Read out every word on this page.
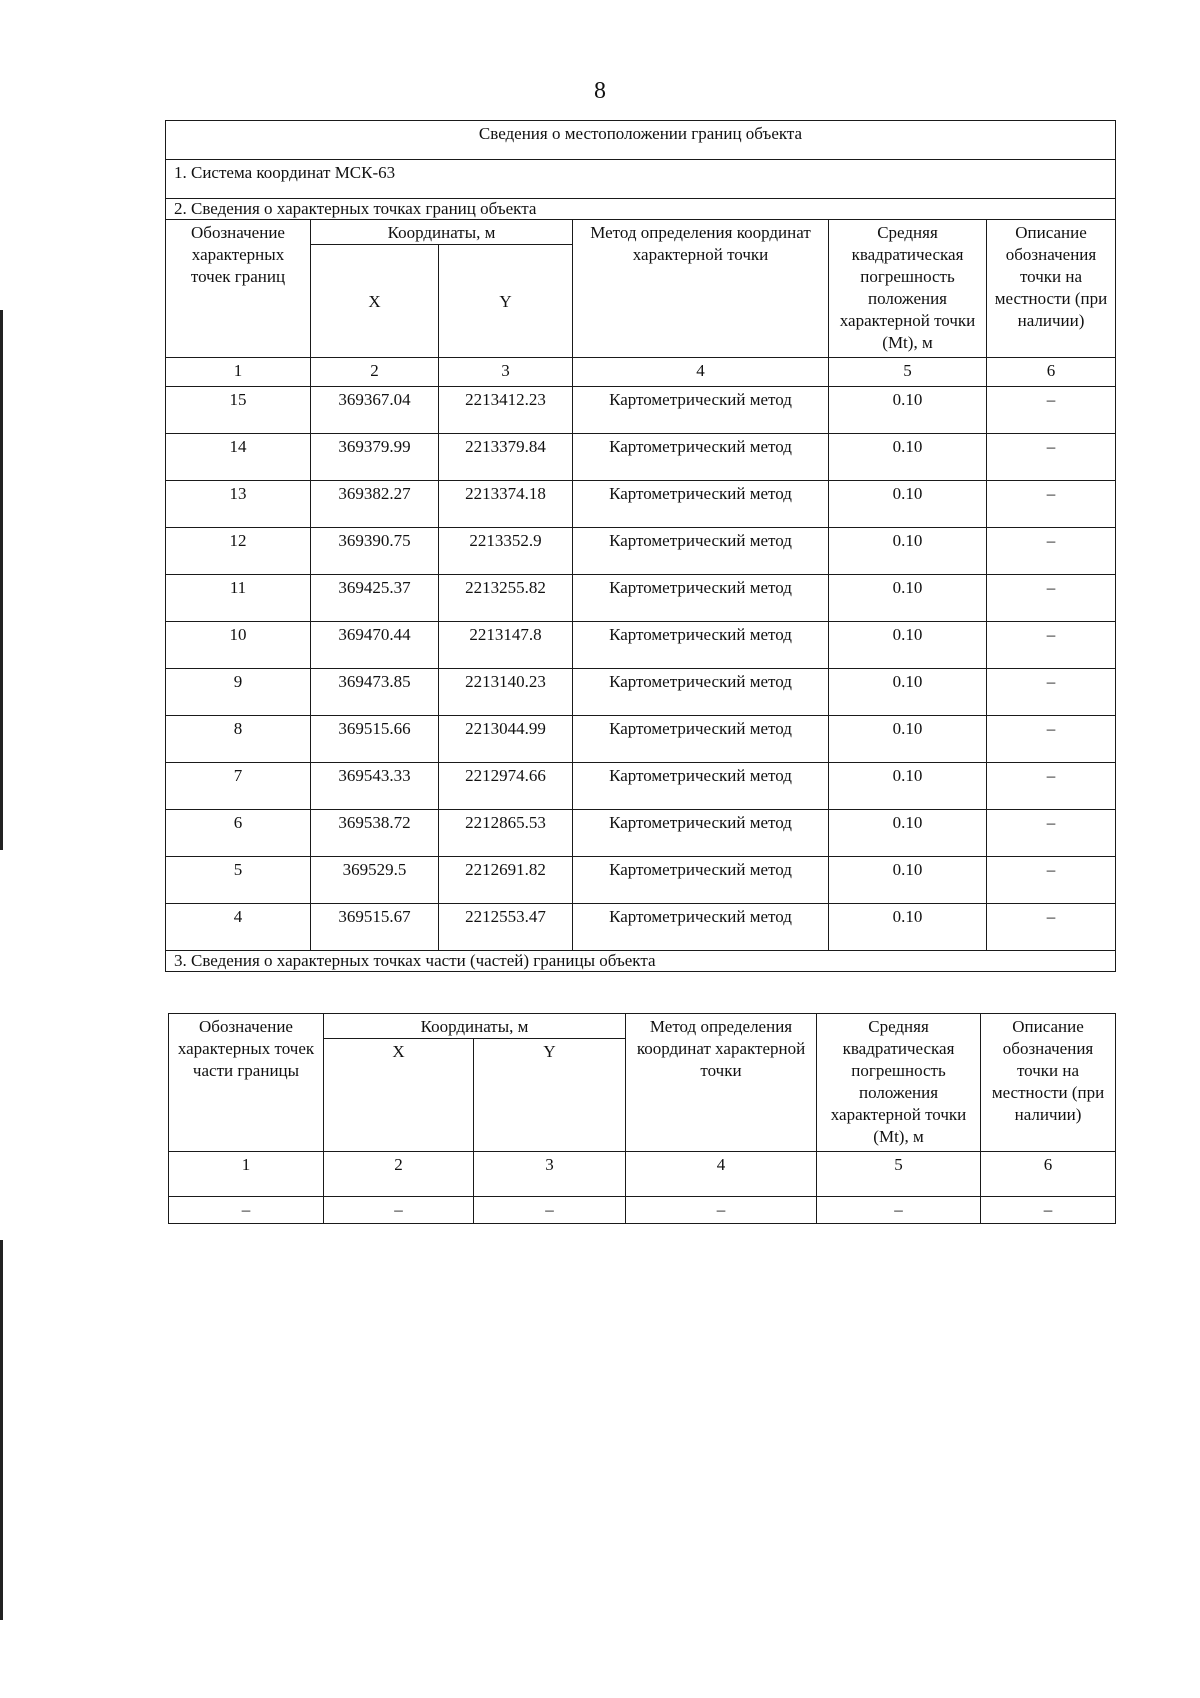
8
Сведения о местоположении границ объекта					
1. Система координат МСК-63					
2. Сведения о характерных точках границ объекта					
Обозначение характерных точек границ	Координаты, м		Метод определения координат характерной точки	Средняя квадратическая погрешность положения характерной точки (Mt), м	Описание обозначения точки на местности (при наличии)
	X	Y			
1	2	3	4	5	6
15	369367.04	2213412.23	Картометрический метод	0.10	–
14	369379.99	2213379.84	Картометрический метод	0.10	–
13	369382.27	2213374.18	Картометрический метод	0.10	–
12	369390.75	2213352.9	Картометрический метод	0.10	–
11	369425.37	2213255.82	Картометрический метод	0.10	–
10	369470.44	2213147.8	Картометрический метод	0.10	–
9	369473.85	2213140.23	Картометрический метод	0.10	–
8	369515.66	2213044.99	Картометрический метод	0.10	–
7	369543.33	2212974.66	Картометрический метод	0.10	–
6	369538.72	2212865.53	Картометрический метод	0.10	–
5	369529.5	2212691.82	Картометрический метод	0.10	–
4	369515.67	2212553.47	Картометрический метод	0.10	–
3. Сведения о характерных точках части (частей) границы объекта					
Обозначение характерных точек части границы	Координаты, м		Метод определения координат характерной точки	Средняя квадратическая погрешность положения характерной точки (Mt), м	Описание обозначения точки на местности (при наличии)
	X	Y			
1	2	3	4	5	6
–	–	–	–	–	–
